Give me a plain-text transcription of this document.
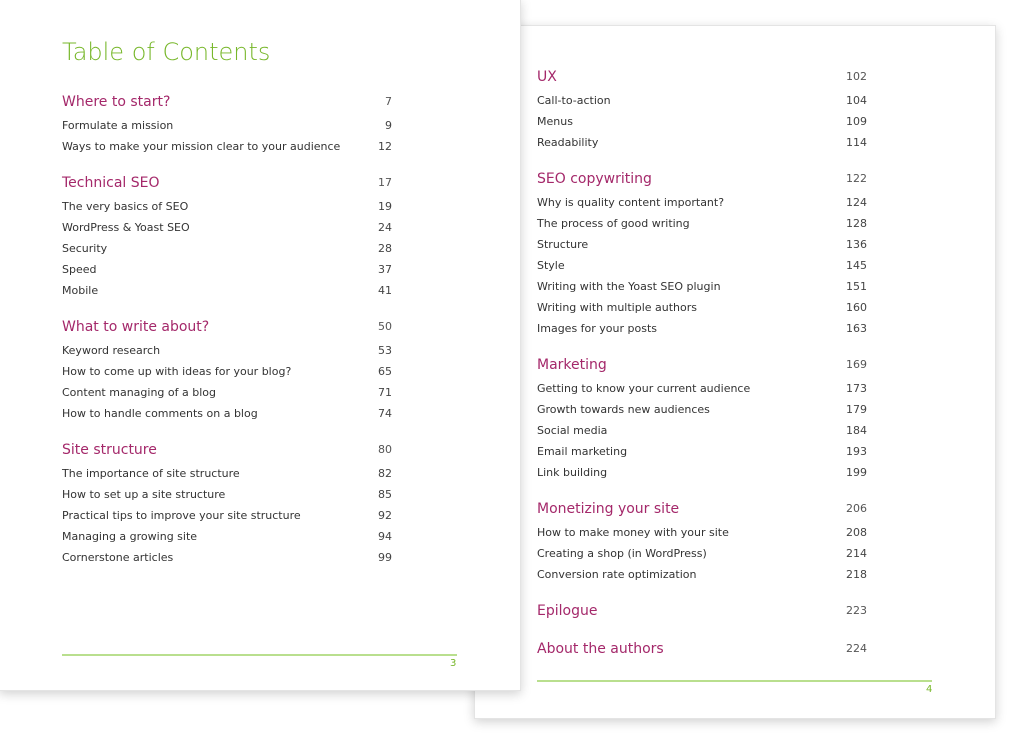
Table of Contents
Where to start?	7
Formulate a mission	9
Ways to make your mission clear to your audience	12
Technical SEO	17
The very basics of SEO	19
WordPress & Yoast SEO	24
Security	28
Speed	37
Mobile	41
What to write about?	50
Keyword research	53
How to come up with ideas for your blog?	65
Content managing of a blog	71
How to handle comments on a blog	74
Site structure	80
The importance of site structure	82
How to set up a site structure	85
Practical tips to improve your site structure	92
Managing a growing site	94
Cornerstone articles	99
3
UX	102
Call-to-action	104
Menus	109
Readability	114
SEO copywriting	122
Why is quality content important?	124
The process of good writing	128
Structure	136
Style	145
Writing with the Yoast SEO plugin	151
Writing with multiple authors	160
Images for your posts	163
Marketing	169
Getting to know your current audience	173
Growth towards new audiences	179
Social media	184
Email marketing	193
Link building	199
Monetizing your site	206
How to make money with your site	208
Creating a shop (in WordPress)	214
Conversion rate optimization	218
Epilogue	223
About the authors	224
4
